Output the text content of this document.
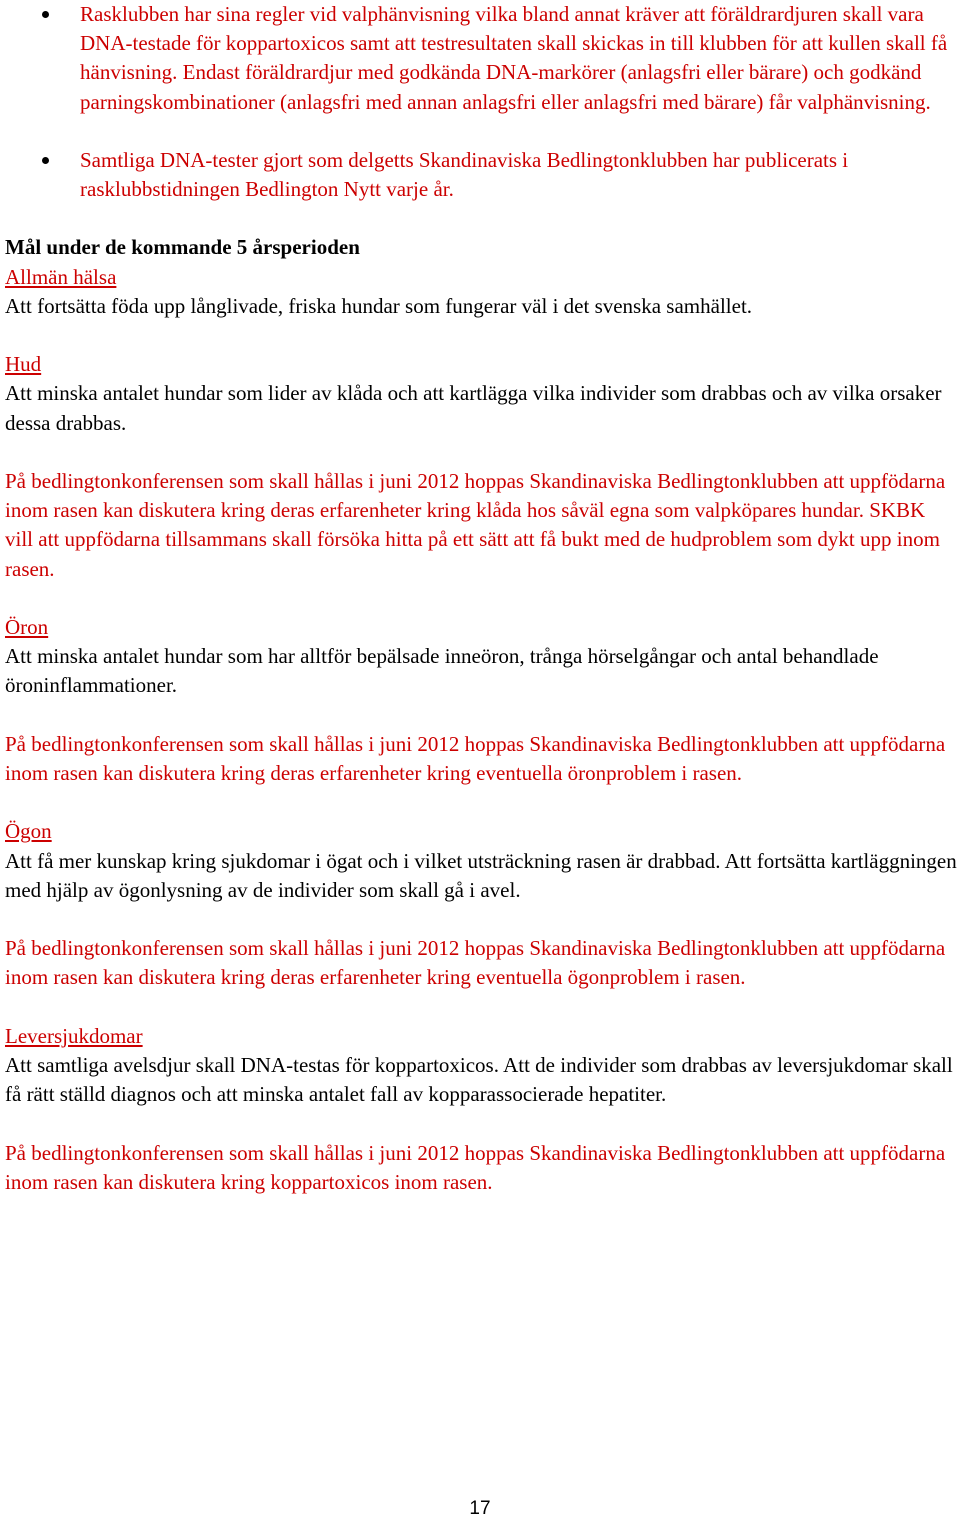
Rasklubben har sina regler vid valphänvisning vilka bland annat kräver att föräldrardjuren skall vara DNA-testade för koppartoxicos samt att testresultaten skall skickas in till klubben för att kullen skall få hänvisning. Endast föräldrardjur med godkända DNA-markörer (anlagsfri eller bärare) och godkänd parningskombinationer (anlagsfri med annan anlagsfri eller anlagsfri med bärare) får valphänvisning.
Samtliga DNA-tester gjort som delgetts Skandinaviska Bedlingtonklubben har publicerats i rasklubbstidningen Bedlington Nytt varje år.

Mål under de kommande 5 årsperioden

Allmän hälsa

Att fortsätta föda upp långlivade, friska hundar som fungerar väl i det svenska samhället.

Hud

Att minska antalet hundar som lider av klåda och att kartlägga vilka individer som drabbas och av vilka orsaker dessa drabbas.

På bedlingtonkonferensen som skall hållas i juni 2012 hoppas Skandinaviska Bedlingtonklubben att uppfödarna inom rasen kan diskutera kring deras erfarenheter kring klåda hos såväl egna som valpköpares hundar. SKBK vill att uppfödarna tillsammans skall försöka hitta på ett sätt att få bukt med de hudproblem som dykt upp inom rasen.

Öron

Att minska antalet hundar som har alltför bepälsade inneöron, trånga hörselgångar och antal behandlade öroninflammationer.

På bedlingtonkonferensen som skall hållas i juni 2012 hoppas Skandinaviska Bedlingtonklubben att uppfödarna inom rasen kan diskutera kring deras erfarenheter kring eventuella öronproblem i rasen.

Ögon

Att få mer kunskap kring sjukdomar i ögat och i vilket utsträckning rasen är drabbad. Att fortsätta kartläggningen med hjälp av ögonlysning av de individer som skall gå i avel.

På bedlingtonkonferensen som skall hållas i juni 2012 hoppas Skandinaviska Bedlingtonklubben att uppfödarna inom rasen kan diskutera kring deras erfarenheter kring eventuella ögonproblem i rasen.

Leversjukdomar

Att samtliga avelsdjur skall DNA-testas för koppartoxicos. Att de individer som drabbas av leversjukdomar skall få rätt ställd diagnos och att minska antalet fall av kopparassocierade hepatiter.

På bedlingtonkonferensen som skall hållas i juni 2012 hoppas Skandinaviska Bedlingtonklubben att uppfödarna inom rasen kan diskutera kring koppartoxicos inom rasen.

17
